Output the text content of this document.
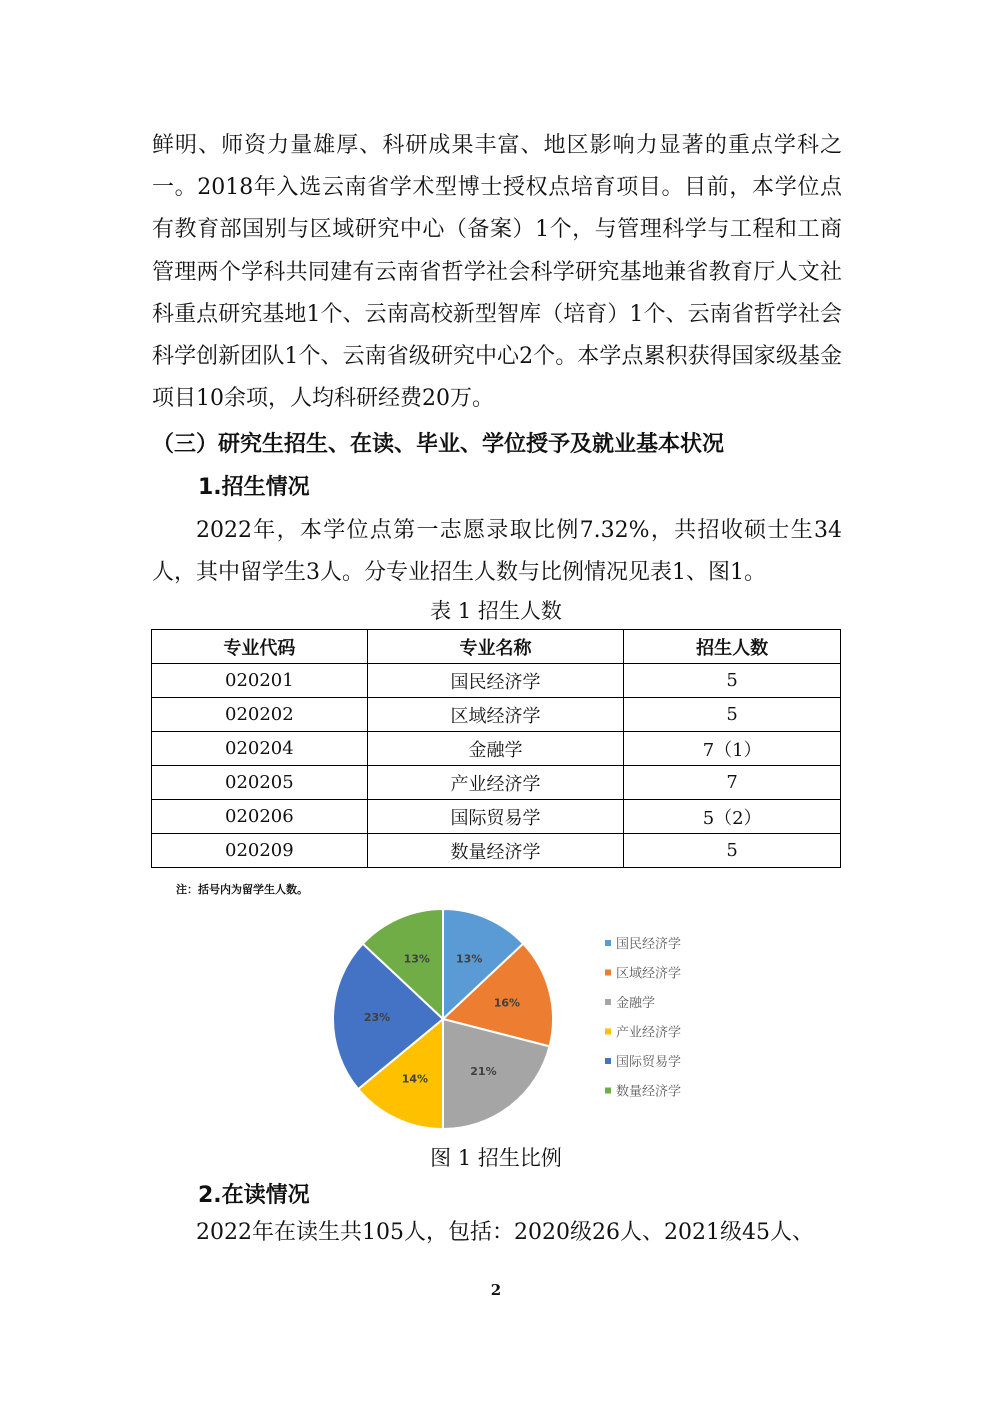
鲜明、师资力量雄厚、科研成果丰富、地区影响力显著的重点学科之一。2018年入选云南省学术型博士授权点培育项目。目前，本学位点有教育部国别与区域研究中心（备案）1个，与管理科学与工程和工商管理两个学科共同建有云南省哲学社会科学研究基地兼省教育厅人文社科重点研究基地1个、云南高校新型智库（培育）1个、云南省哲学社会科学创新团队1个、云南省级研究中心2个。本学点累积获得国家级基金项目10余项，人均科研经费20万。
（三）研究生招生、在读、毕业、学位授予及就业基本状况
1.招生情况
2022年，本学位点第一志愿录取比例7.32%，共招收硕士生34人，其中留学生3人。分专业招生人数与比例情况见表1、图1。
表 1 招生人数
专业代码	专业名称	招生人数
020201	国民经济学	5
020202	区域经济学	5
020204	金融学	7（1）
020205	产业经济学	7
020206	国际贸易学	5（2）
020209	数量经济学	5
注：括号内为留学生人数。
13%
16%
21%
14%
23%
13%
国民经济学
区域经济学
金融学
产业经济学
国际贸易学
数量经济学
图 1 招生比例
2.在读情况
2022年在读生共105人，包括：2020级26人、2021级45人、
2
